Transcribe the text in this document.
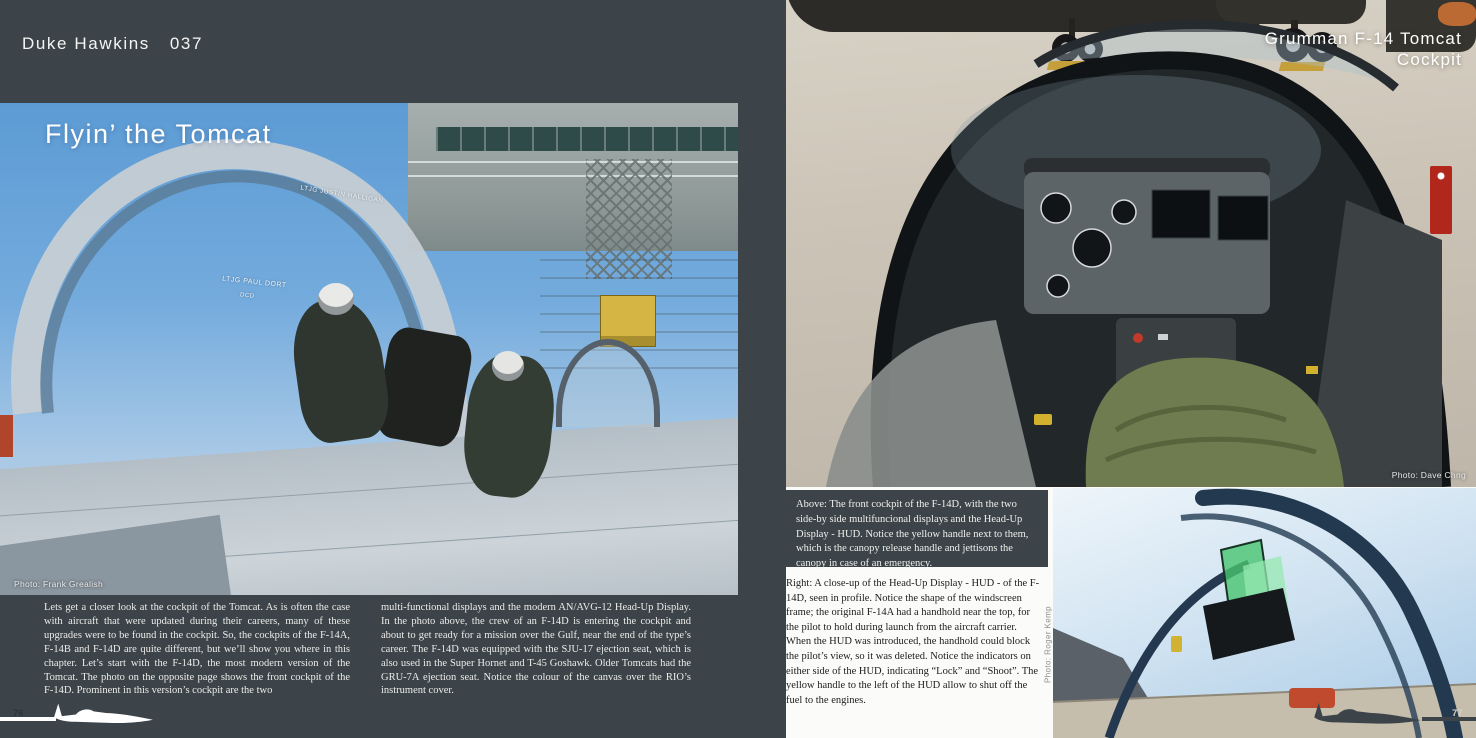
Duke Hawkins 037
LTJG JUSTIN HALLIGAN
LTJG PAUL DORT
DCD
Flyin’ the Tomcat
Photo: Frank Grealish
Lets get a closer look at the cockpit of the Tomcat. As is often the case with aircraft that were updated during their careers, many of these upgrades were to be found in the cockpit. So, the cockpits of the F-14A, F-14B and F-14D are quite different, but we’ll show you where in this chapter. Let’s start with the F-14D, the most modern version of the Tomcat. The photo on the opposite page shows the front cockpit of the F-14D. Prominent in this version’s cockpit are the two
multi-functional displays and the modern AN/AVG-12 Head-Up Display. In the photo above, the crew of an F-14D is entering the cockpit and about to get ready for a mission over the Gulf, near the end of the type’s career. The F-14D was equipped with the SJU-17 ejection seat, which is also used in the Super Hornet and T-45 Goshawk. Older Tomcats had the GRU-7A ejection seat. Notice the colour of the canvas over the RIO’s instrument cover.
76
Grumman F-14 Tomcat
Cockpit
Photo: Dave Chng
Above: The front cockpit of the F-14D, with the two side-by side multifuncional displays and the Head-Up Display - HUD. Notice the yellow handle next to them, which is the canopy release handle and jettisons the canopy in case of an emergency.
Right: A close-up of the Head-Up Display - HUD - of the F-14D, seen in profile. Notice the shape of the windscreen frame; the original F-14A had a handhold near the top, for the pilot to hold during launch from the aircraft carrier. When the HUD was introduced, the handhold could block the pilot’s view, so it was deleted. Notice the indicators on either side of the HUD, indicating “Lock” and “Shoot”. The yellow handle to the left of the HUD allow to shut off the fuel to the engines.
Photo: Roger Kemp
77
